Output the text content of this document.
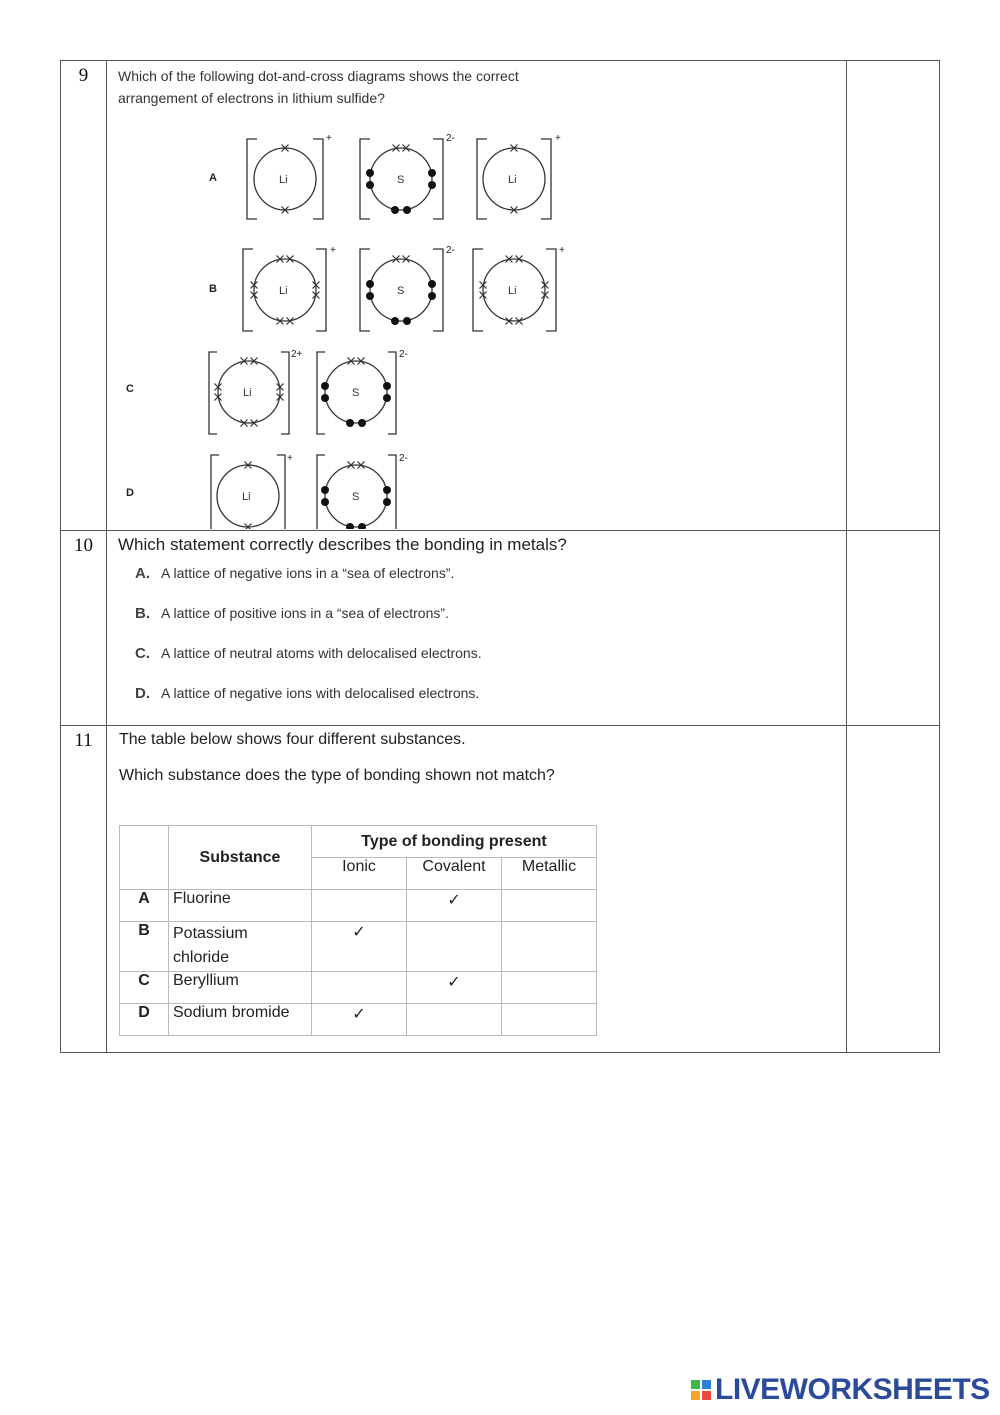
9	Which of the following dot-and-cross diagrams shows the correct arrangement of electrons in lithium sulfide?
A	Li
+
S
2-
Li
+
B	Li
+
S
2-
Li
+
C	Li
2+
S
2-
D	Li
+
S
2-

10	Which statement correctly describes the bonding in metals?
A. A lattice of negative ions in a “sea of electrons”.
B. A lattice of positive ions in a “sea of electrons”.
C. A lattice of neutral atoms with delocalised electrons.
D. A lattice of negative ions with delocalised electrons.

11	The table below shows four different substances.
Which substance does the type of bonding shown not match?
	Substance	Type of bonding present
Ionic	Covalent	Metallic
A	Fluorine		✓	
B	Potassium chloride	✓		
C	Beryllium		✓	
D	Sodium bromide	✓		

LIVEWORKSHEETS
